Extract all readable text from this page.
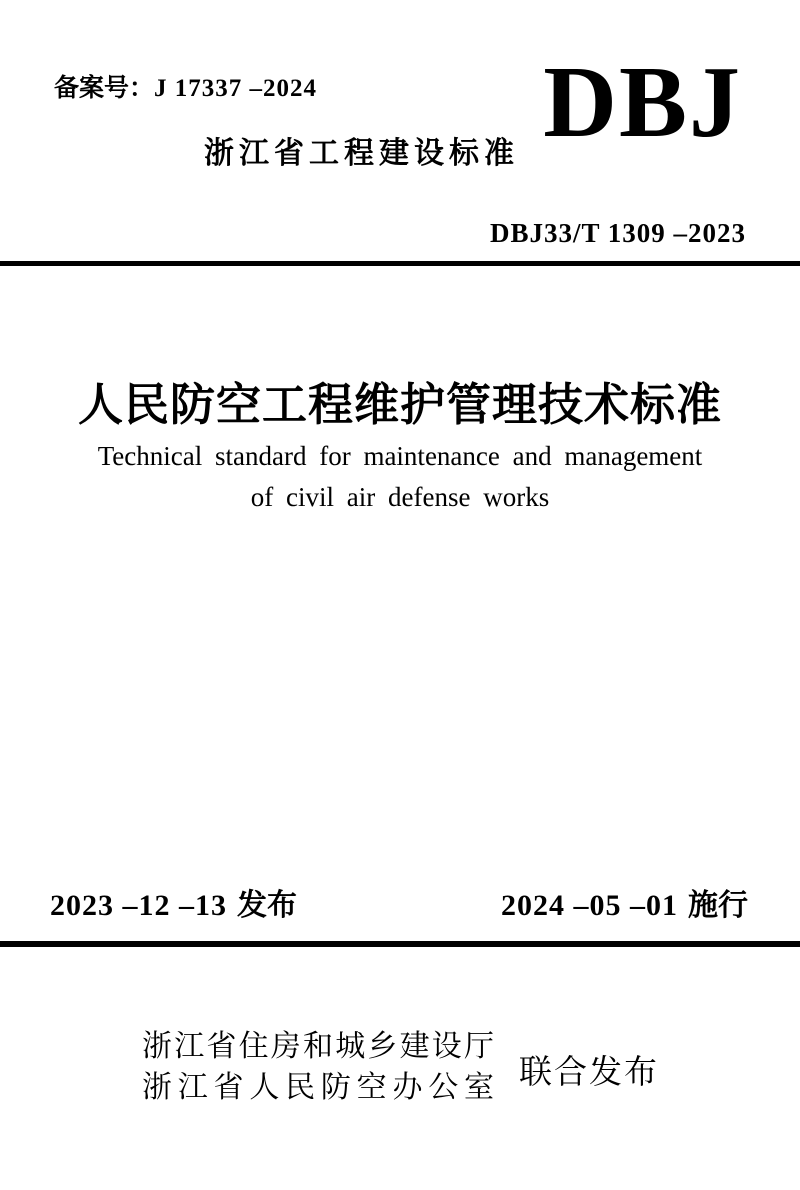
备案号：J 17337 –2024
浙江省工程建设标准 DBJ
DBJ33/T 1309 –2023
人民防空工程维护管理技术标准
Technical standard for maintenance and management
of civil air defense works
2023 –12 –13 发布	2024 –05 –01 施行
浙江省住房和城乡建设厅
浙江省人民防空办公室 联合发布
